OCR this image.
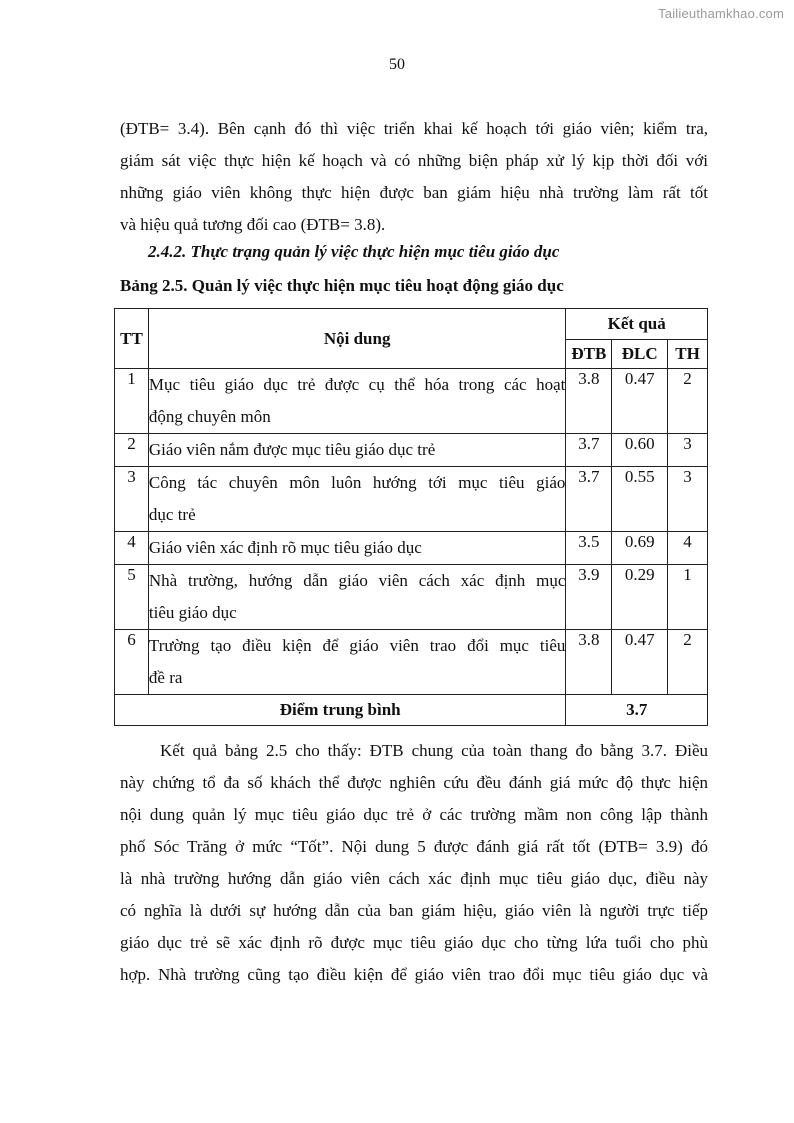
Tailieuthamkhao.com
50
(ĐTB= 3.4). Bên cạnh đó thì việc triển khai kế hoạch tới giáo viên; kiểm tra,
giám sát việc thực hiện kế hoạch và có những biện pháp xử lý kịp thời đối với
những giáo viên không thực hiện được ban giám hiệu nhà trường làm rất tốt
và hiệu quả tương đối cao (ĐTB= 3.8).
2.4.2. Thực trạng quản lý việc thực hiện mục tiêu giáo dục
Bảng 2.5. Quản lý việc thực hiện mục tiêu hoạt động giáo dục
TT	Nội dung	Kết quả		
		ĐTB	ĐLC	TH
1	Mục tiêu giáo dục trẻ được cụ thể hóa trong các hoạt
động chuyên môn	3.8	0.47	2
2	Giáo viên nắm được mục tiêu giáo dục trẻ	3.7	0.60	3
3	Công tác chuyên môn luôn hướng tới mục tiêu giáo
dục trẻ	3.7	0.55	3
4	Giáo viên xác định rõ mục tiêu giáo dục	3.5	0.69	4
5	Nhà trường, hướng dẫn giáo viên cách xác định mục
tiêu giáo dục	3.9	0.29	1
6	Trường tạo điều kiện để giáo viên trao đổi mục tiêu
đề ra	3.8	0.47	2
Điểm trung bình		3.7		
Kết quả bảng 2.5 cho thấy: ĐTB chung của toàn thang đo bằng 3.7. Điều
này chứng tổ đa số khách thể được nghiên cứu đều đánh giá mức độ thực hiện
nội dung quản lý mục tiêu giáo dục trẻ ở các trường mầm non công lập thành
phố Sóc Trăng ở mức “Tốt”. Nội dung 5 được đánh giá rất tốt (ĐTB= 3.9) đó
là nhà trường hướng dẫn giáo viên cách xác định mục tiêu giáo dục, điều này
có nghĩa là dưới sự hướng dẫn của ban giám hiệu, giáo viên là người trực tiếp
giáo dục trẻ sẽ xác định rõ được mục tiêu giáo dục cho từng lứa tuổi cho phù
hợp. Nhà trường cũng tạo điều kiện để giáo viên trao đổi mục tiêu giáo dục và
